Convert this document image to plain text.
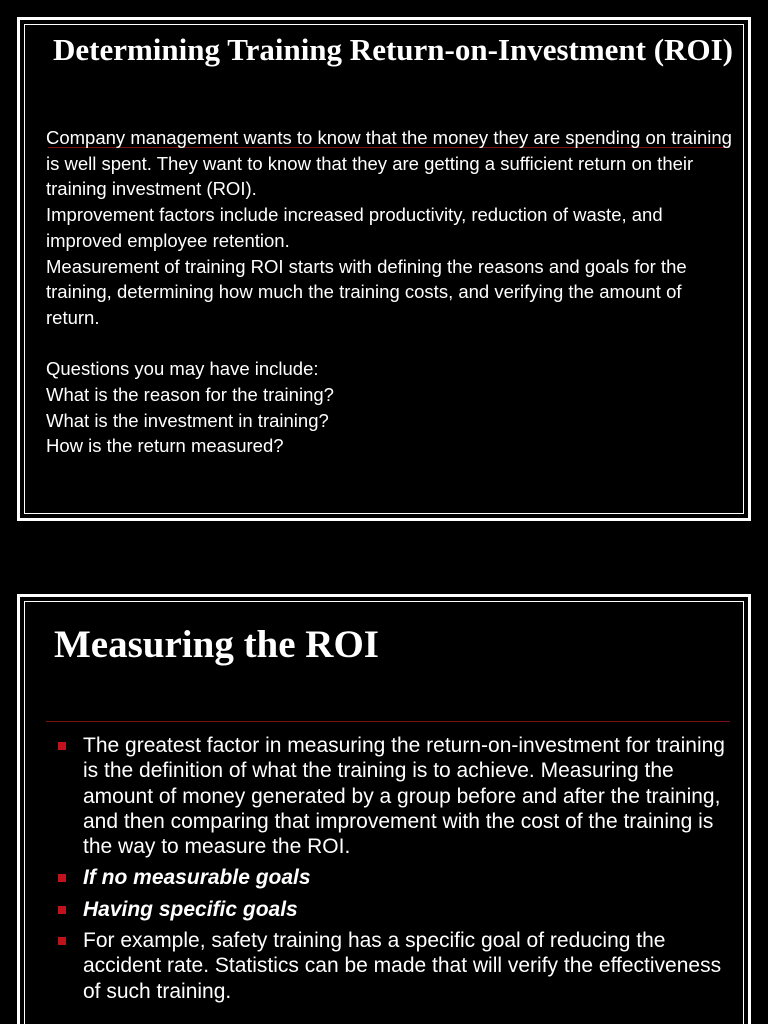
Determining Training Return-on-Investment (ROI)

Company management wants to know that the money they are spending on training is well spent. They want to know that they are getting a sufficient return on their training investment (ROI).

Improvement factors include increased productivity, reduction of waste, and improved employee retention.

Measurement of training ROI starts with defining the reasons and goals for the training, determining how much the training costs, and verifying the amount of return.

Questions you may have include:

What is the reason for the training?

What is the investment in training?

How is the return measured?

Measuring the ROI
The greatest factor in measuring the return-on-investment for training is the definition of what the training is to achieve. Measuring the amount of money generated by a group before and after the training, and then comparing that improvement with the cost of the training is the way to measure the ROI.
If no measurable goals
Having specific goals
For example, safety training has a specific goal of reducing the accident rate. Statistics can be made that will verify the effectiveness of such training.
